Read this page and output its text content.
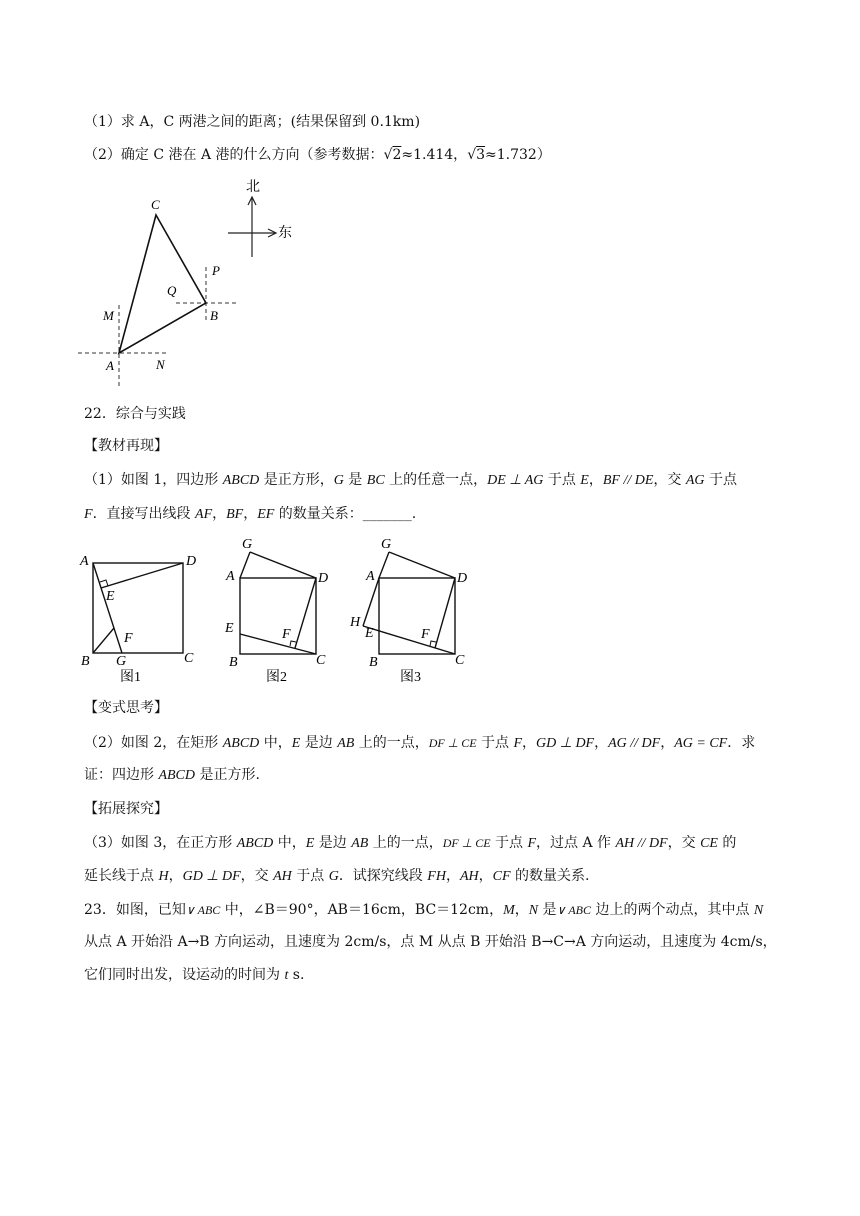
（1）求 A，C 两港之间的距离；(结果保留到 0.1km)
（2）确定 C 港在 A 港的什么方向（参考数据：√2≈1.414，√3≈1.732）
北
东
C
Q
P
B
M
A	N
22．综合与实践
【教材再现】
（1）如图 1，四边形 ABCD 是正方形，G 是 BC 上的任意一点，DE ⊥ AG 于点 E，BF // DE，交 AG 于点
F．直接写出线段 AF，BF，EF 的数量关系：_______.
A	D
E
F
B G	C
图1
G
A	D
E	F
B	C
图2
G
A	D
H
E	F
B	C
图3
【变式思考】
（2）如图 2，在矩形 ABCD 中，E 是边 AB 上的一点，DF ⊥ CE 于点 F，GD ⊥ DF，AG // DF，AG = CF．求
证：四边形 ABCD 是正方形.
【拓展探究】
（3）如图 3，在正方形 ABCD 中，E 是边 AB 上的一点，DF ⊥ CE 于点 F，过点 A 作 AH // DF，交 CE 的
延长线于点 H，GD ⊥ DF，交 AH 于点 G．试探究线段 FH，AH，CF 的数量关系.
23．如图，已知∨ ABC 中，∠B＝90°，AB＝16cm，BC＝12cm，M，N 是∨ ABC 边上的两个动点，其中点 N
从点 A 开始沿 A→B 方向运动，且速度为 2cm/s，点 M 从点 B 开始沿 B→C→A 方向运动，且速度为 4cm/s，
它们同时出发，设运动的时间为 t s.
